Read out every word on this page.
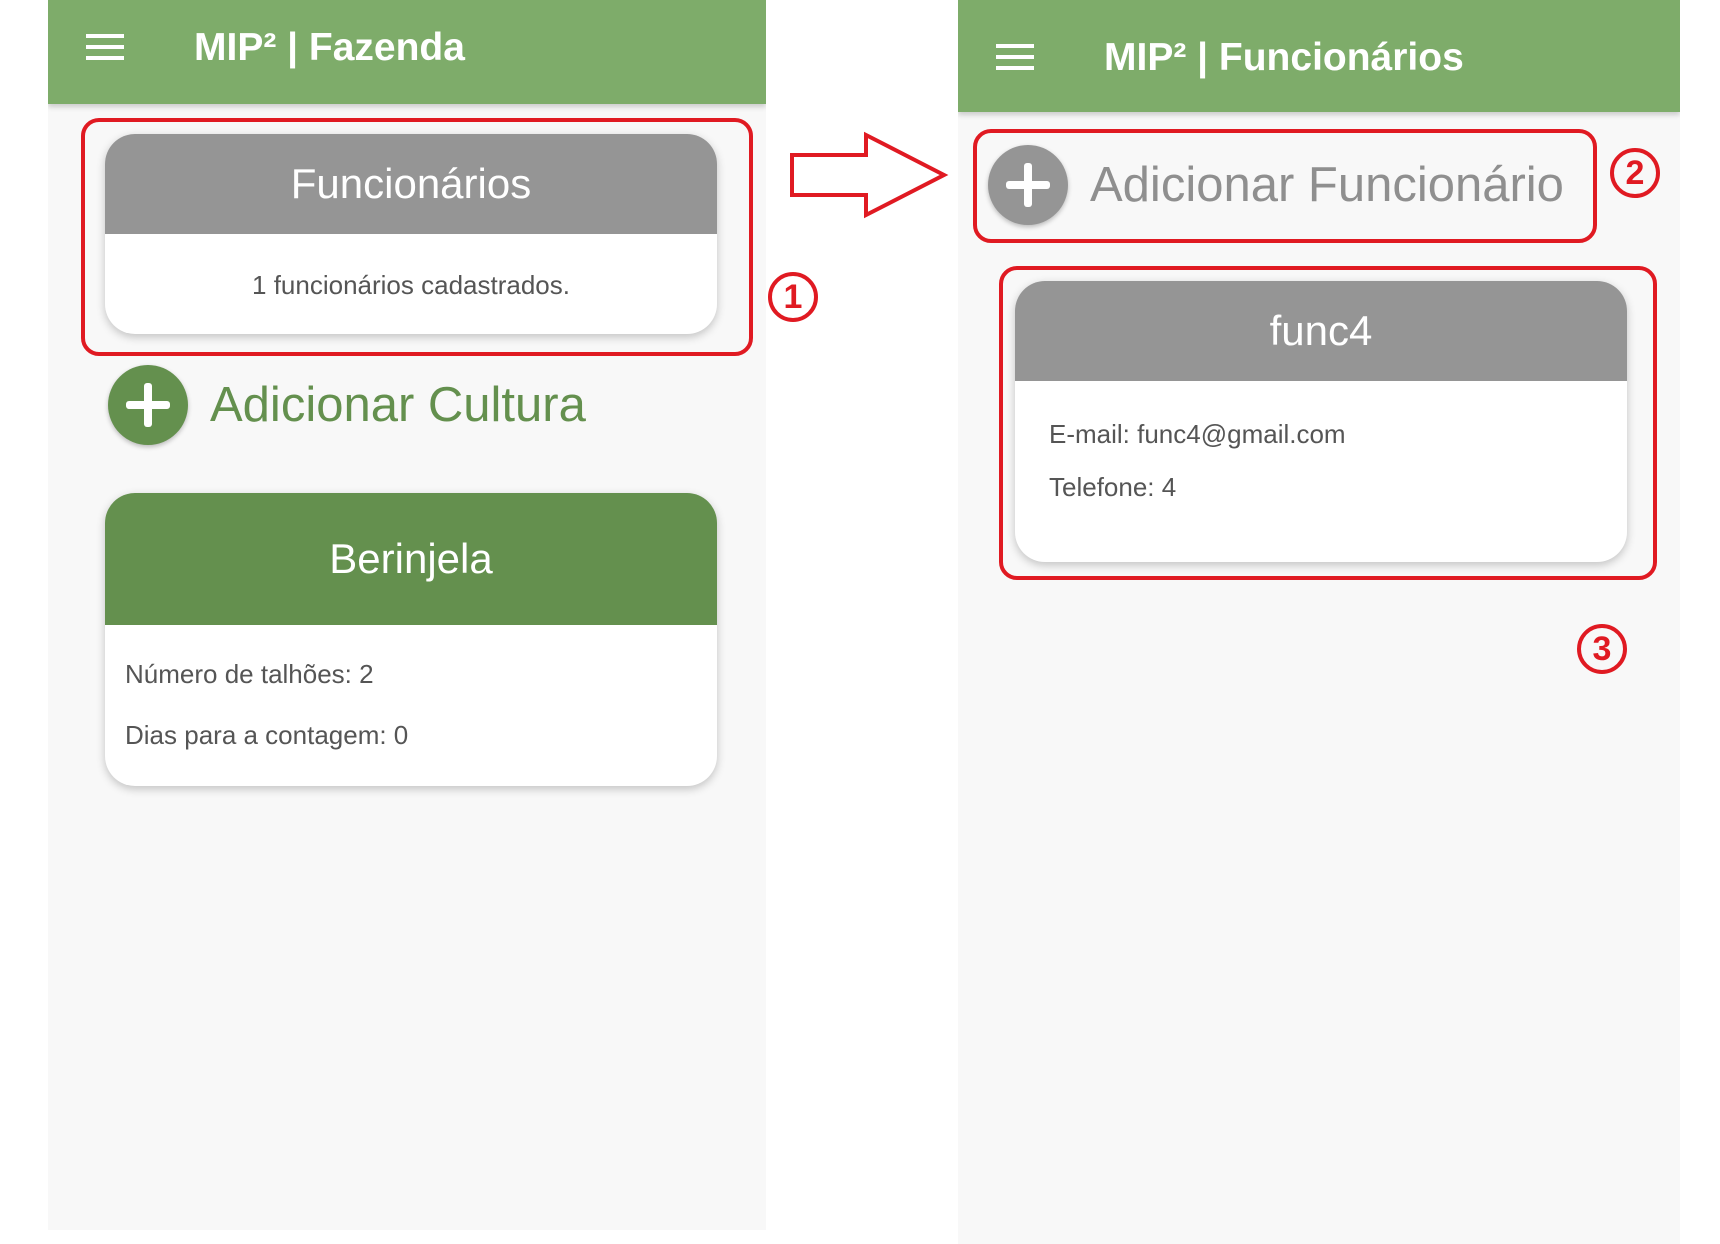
MIP² | Fazenda
Funcionários
1 funcionários cadastrados.
Adicionar Cultura
Berinjela
Número de talhões: 2
Dias para a contagem: 0
MIP² | Funcionários
Adicionar Funcionário
func4
E-mail: func4@gmail.com
Telefone: 4
1
2
3
